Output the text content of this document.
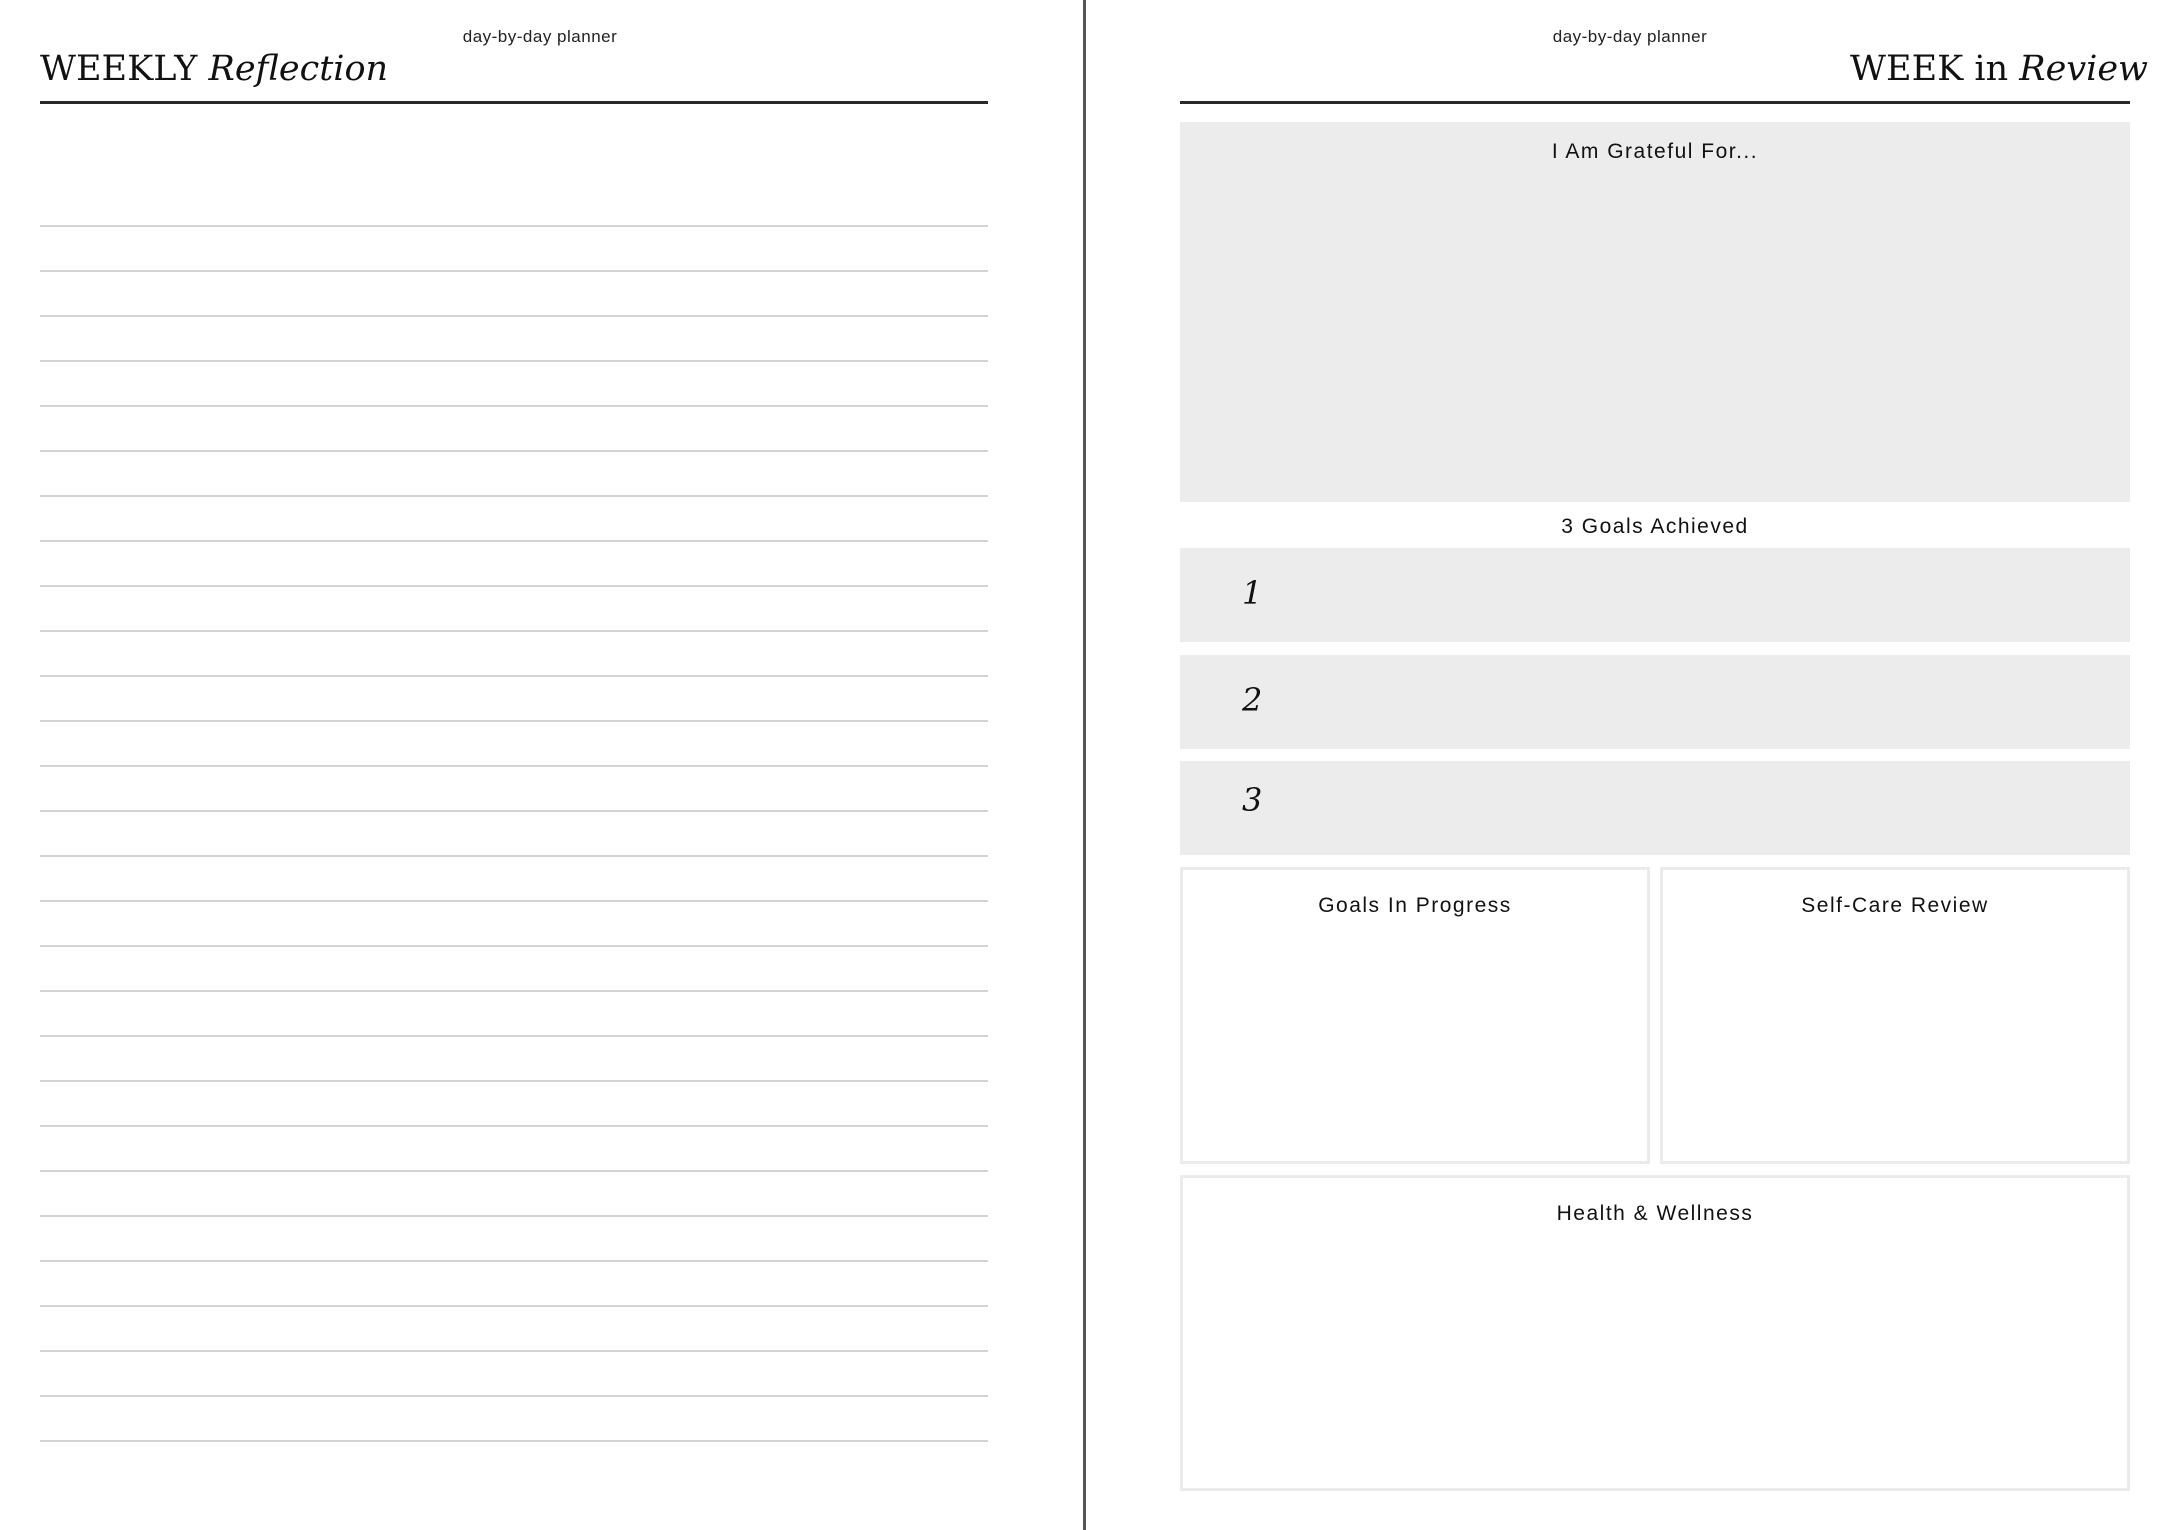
day-by-day planner
WEEKLY Reflection
day-by-day planner
WEEK in Review
I Am Grateful For...
3 Goals Achieved
1
2
3
Goals In Progress	Self-Care Review
Health & Wellness
